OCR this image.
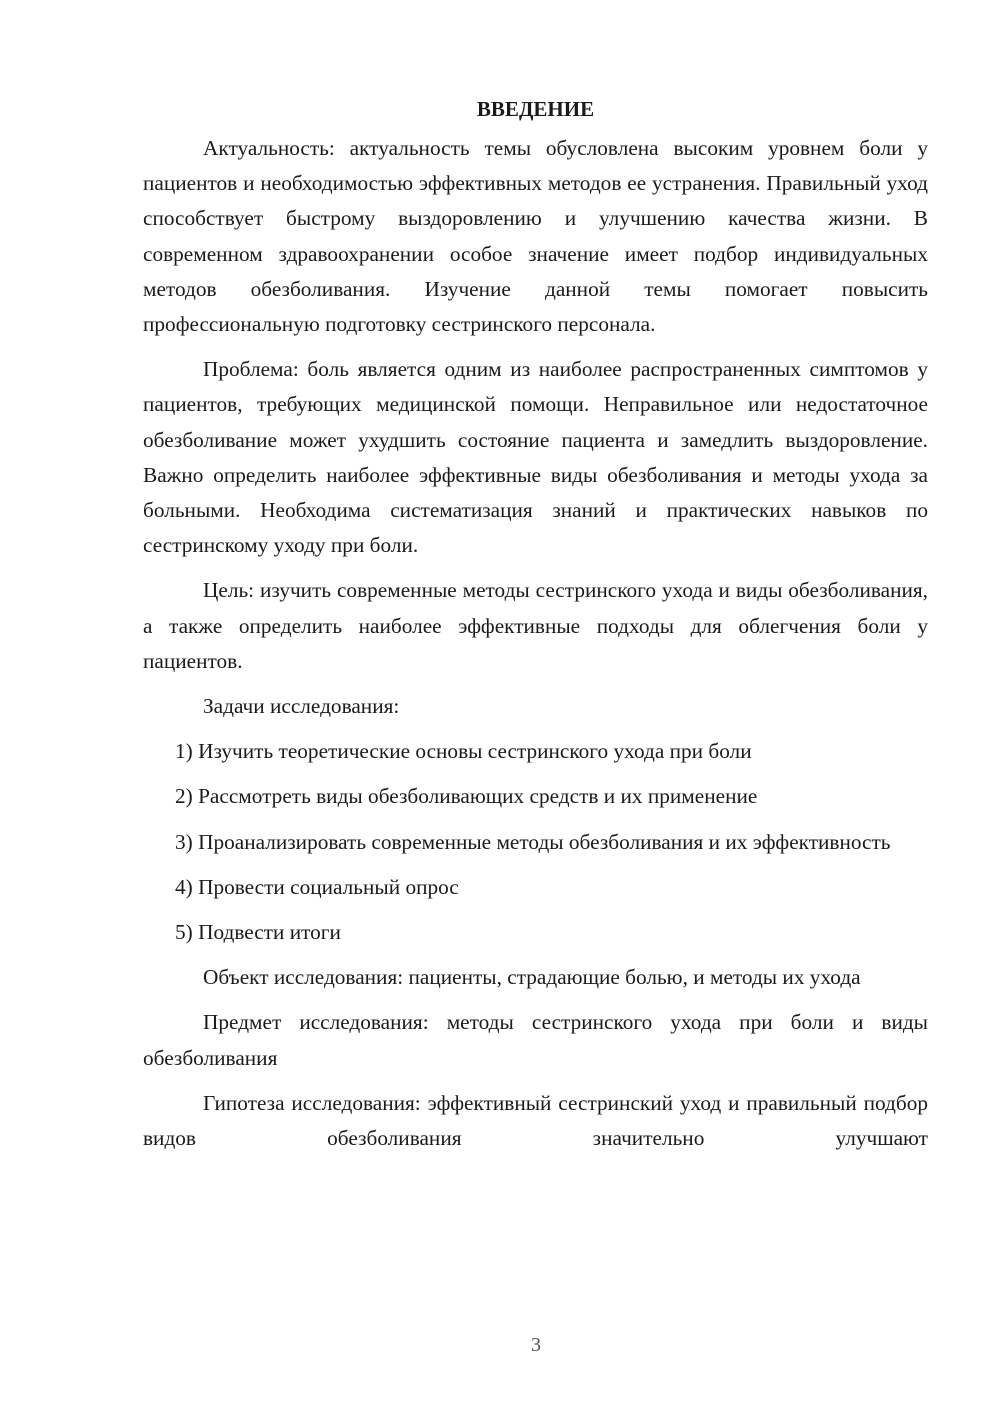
ВВЕДЕНИЕ

Актуальность: актуальность темы обусловлена высоким уровнем боли у пациентов и необходимостью эффективных методов ее устранения. Правильный уход способствует быстрому выздоровлению и улучшению качества жизни. В современном здравоохранении особое значение имеет подбор индивидуальных методов обезболивания. Изучение данной темы помогает повысить профессиональную подготовку сестринского персонала.

Проблема: боль является одним из наиболее распространенных симптомов у пациентов, требующих медицинской помощи. Неправильное или недостаточное обезболивание может ухудшить состояние пациента и замедлить выздоровление. Важно определить наиболее эффективные виды обезболивания и методы ухода за больными. Необходима систематизация знаний и практических навыков по сестринскому уходу при боли.

Цель: изучить современные методы сестринского ухода и виды обезболивания, а также определить наиболее эффективные подходы для облегчения боли у пациентов.

Задачи исследования:

1) Изучить теоретические основы сестринского ухода при боли

2) Рассмотреть виды обезболивающих средств и их применение

3) Проанализировать современные методы обезболивания и их эффективность

4) Провести социальный опрос

5) Подвести итоги

Объект исследования: пациенты, страдающие болью, и методы их ухода

Предмет исследования: методы сестринского ухода при боли и виды обезболивания

Гипотеза исследования: эффективный сестринский уход и правильный подбор видов обезболивания значительно улучшают

3
